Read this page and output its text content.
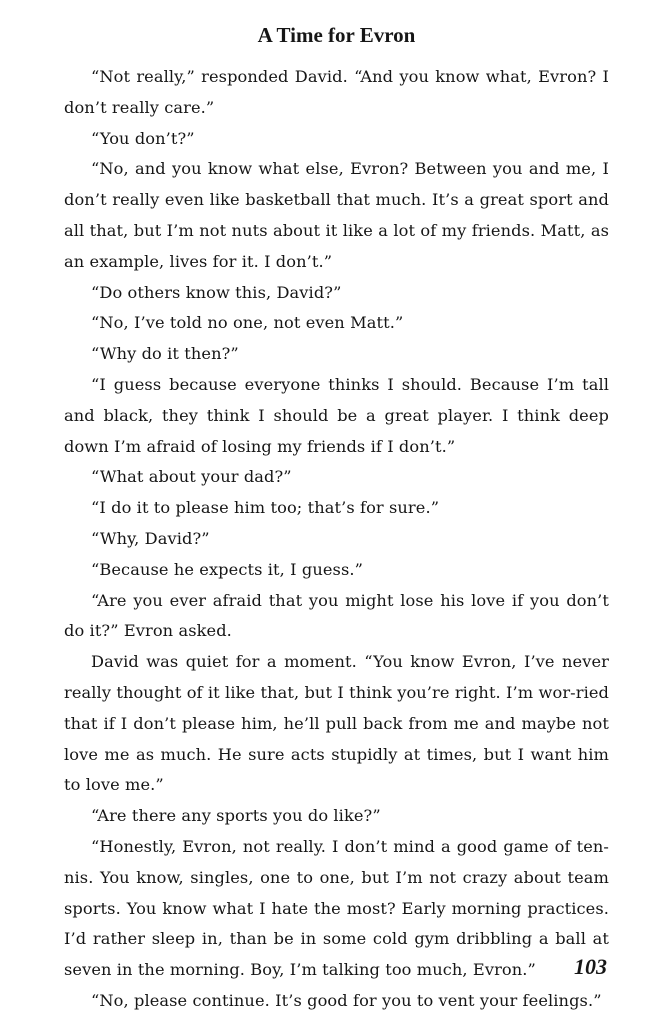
A Time for Evron

“Not really,” responded David. “And you know what, Evron? I don’t really care.”

“You don’t?”

“No, and you know what else, Evron? Between you and me, I don’t really even like basketball that much. It’s a great sport and all that, but I’m not nuts about it like a lot of my friends. Matt, as an example, lives for it. I don’t.”

“Do others know this, David?”

“No, I’ve told no one, not even Matt.”

“Why do it then?”

“I guess because everyone thinks I should. Because I’m tall and black, they think I should be a great player. I think deep down I’m afraid of losing my friends if I don’t.”

“What about your dad?”

“I do it to please him too; that’s for sure.”

“Why, David?”

“Because he expects it, I guess.”

“Are you ever afraid that you might lose his love if you don’t do it?” Evron asked.

David was quiet for a moment. “You know Evron, I’ve never really thought of it like that, but I think you’re right. I’m wor-ried that if I don’t please him, he’ll pull back from me and maybe not love me as much. He sure acts stupidly at times, but I want him to love me.”

“Are there any sports you do like?”

“Honestly, Evron, not really. I don’t mind a good game of ten-nis. You know, singles, one to one, but I’m not crazy about team sports. You know what I hate the most? Early morning practices. I’d rather sleep in, than be in some cold gym dribbling a ball at seven in the morning. Boy, I’m talking too much, Evron.”

“No, please continue. It’s good for you to vent your feelings.”

103
